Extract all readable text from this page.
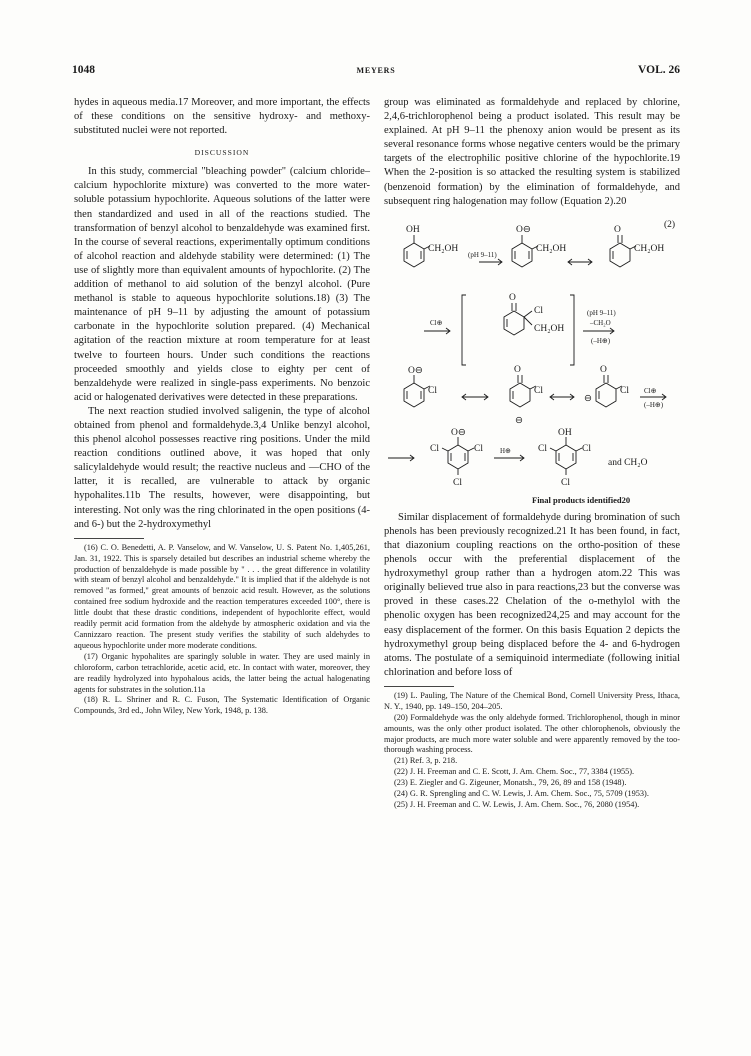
1048	MEYERS	VOL. 26

hydes in aqueous media.17 Moreover, and more important, the effects of these conditions on the sensitive hydroxy- and methoxy- substituted nuclei were not reported.

DISCUSSION

In this study, commercial "bleaching powder" (calcium chloride–calcium hypochlorite mixture) was converted to the more water-soluble potassium hypochlorite. Aqueous solutions of the latter were then standardized and used in all of the reactions studied. The transformation of benzyl alcohol to benzaldehyde was examined first. In the course of several reactions, experimentally optimum conditions of alcohol reaction and aldehyde stability were determined: (1) The use of slightly more than equivalent amounts of hypochlorite. (2) The addition of methanol to aid solution of the benzyl alcohol. (Pure methanol is stable to aqueous hypochlorite solutions.18) (3) The maintenance of pH 9–11 by adjusting the amount of potassium carbonate in the hypochlorite solution prepared. (4) Mechanical agitation of the reaction mixture at room temperature for at least twelve to fourteen hours. Under such conditions the reactions proceeded smoothly and yields close to eighty per cent of benzaldehyde were realized in single-pass experiments. No benzoic acid or halogenated derivatives were detected in these preparations.

The next reaction studied involved saligenin, the type of alcohol obtained from phenol and formaldehyde.3,4 Unlike benzyl alcohol, this phenol alcohol possesses reactive ring positions. Under the mild reaction conditions outlined above, it was hoped that only salicylaldehyde would result; the reactive nucleus and —CHO of the latter, it is recalled, are vulnerable to attack by organic hypohalites.11b The results, however, were disappointing, but interesting. Not only was the ring chlorinated in the open positions (4- and 6-) but the 2-hydroxymethyl

(16) C. O. Benedetti, A. P. Vanselow, and W. Vanselow, U. S. Patent No. 1,405,261, Jan. 31, 1922. This is sparsely detailed but describes an industrial scheme whereby the production of benzaldehyde is made possible by " . . . the great difference in volatility with steam of benzyl alcohol and benzaldehyde." It is implied that if the aldehyde is not removed "as formed," great amounts of benzoic acid result. However, as the solutions contained free sodium hydroxide and the reaction temperatures exceeded 100°, there is little doubt that these drastic conditions, independent of hypochlorite effect, would readily permit acid formation from the aldehyde by atmospheric oxidation and via the Cannizzaro reaction. The present study verifies the stability of such aldehydes to aqueous hypochlorite under more moderate conditions.

(17) Organic hypohalites are sparingly soluble in water. They are used mainly in chloroform, carbon tetrachloride, acetic acid, etc. In contact with water, moreover, they are readily hydrolyzed into hypohalous acids, the latter being the actual halogenating agents for substrates in the solution.11a

(18) R. L. Shriner and R. C. Fuson, The Systematic Identification of Organic Compounds, 3rd ed., John Wiley, New York, 1948, p. 138.

group was eliminated as formaldehyde and replaced by chlorine, 2,4,6-trichlorophenol being a product isolated. This result may be explained. At pH 9–11 the phenoxy anion would be present as its several resonance forms whose negative centers would be the primary targets of the electrophilic positive chlorine of the hypochlorite.19 When the 2-position is so attacked the resulting system is stabilized (benzenoid formation) by the elimination of formaldehyde, and subsequent ring halogenation may follow (Equation 2).20

(2)
OH
CH₂OH
(pH 9–11)
O⊖
CH₂OH
O
CH₂OH
Cl⊕
O
Cl
CH₂OH
(pH 9–11)
–CH₂O
(–H⊕)
O⊖
Cl
O
Cl
⊖
⊖
O
Cl Cl⊕
(–H⊕)
O⊖
Cl	Cl
Cl
H⊕
OH
Cl	Cl
Cl
and CH₂O
Final products identified20

Similar displacement of formaldehyde during bromination of such phenols has been previously recognized.21 It has been found, in fact, that diazonium coupling reactions on the ortho-position of these phenols occur with the preferential displacement of the hydroxymethyl group rather than a hydrogen atom.22 This was originally believed true also in para reactions,23 but the converse was proved in these cases.22 Chelation of the o-methylol with the phenolic oxygen has been recognized24,25 and may account for the easy displacement of the former. On this basis Equation 2 depicts the hydroxymethyl group being displaced before the 4- and 6-hydrogen atoms. The postulate of a semiquinoid intermediate (following initial chlorination and before loss of

(19) L. Pauling, The Nature of the Chemical Bond, Cornell University Press, Ithaca, N. Y., 1940, pp. 149–150, 204–205.

(20) Formaldehyde was the only aldehyde formed. Trichlorophenol, though in minor amounts, was the only other product isolated. The other chlorophenols, obviously the major products, are much more water soluble and were apparently removed by the too-thorough washing process.

(21) Ref. 3, p. 218.

(22) J. H. Freeman and C. E. Scott, J. Am. Chem. Soc., 77, 3384 (1955).

(23) E. Ziegler and G. Zigeuner, Monatsh., 79, 26, 89 and 158 (1948).

(24) G. R. Sprengling and C. W. Lewis, J. Am. Chem. Soc., 75, 5709 (1953).

(25) J. H. Freeman and C. W. Lewis, J. Am. Chem. Soc., 76, 2080 (1954).
